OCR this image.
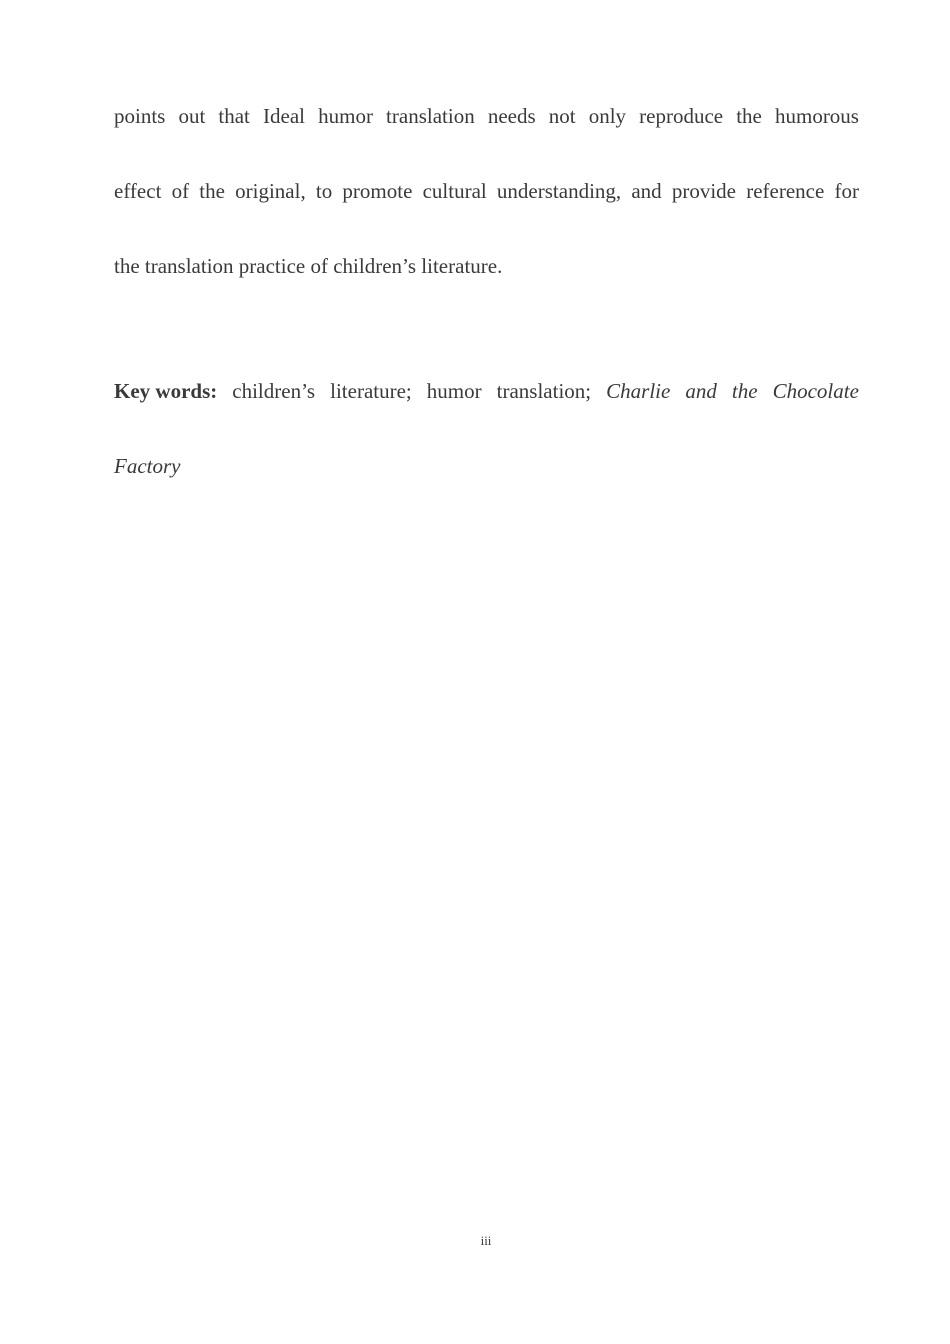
points out that Ideal humor translation needs not only reproduce the humorous
effect of the original, to promote cultural understanding, and provide reference for
the translation practice of children’s literature.
Key words: children’s literature; humor translation; Charlie and the Chocolate
Factory
iii
